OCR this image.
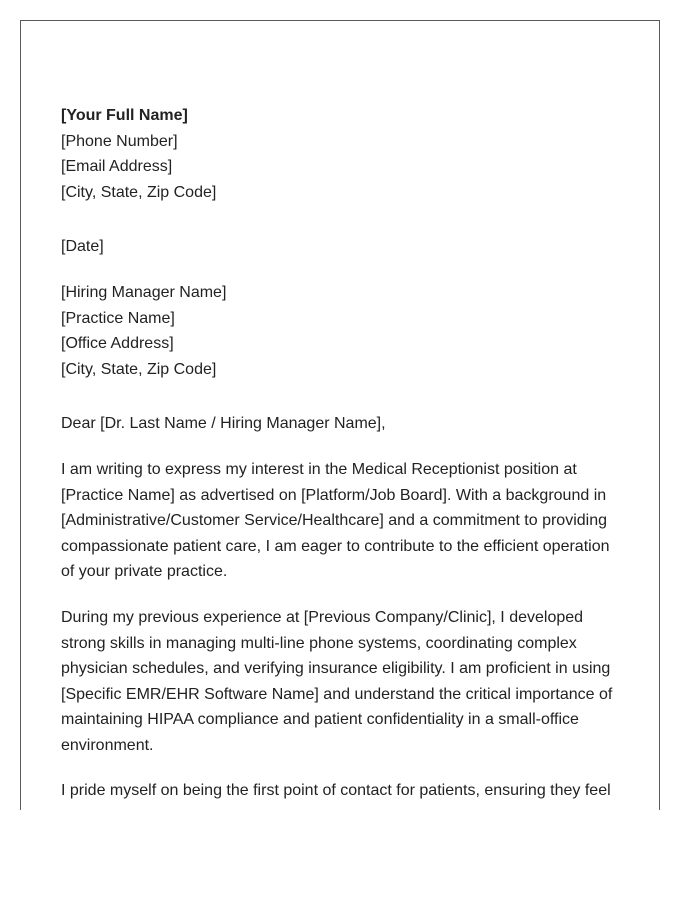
[Your Full Name]
[Phone Number]
[Email Address]
[City, State, Zip Code]
[Date]
[Hiring Manager Name]
[Practice Name]
[Office Address]
[City, State, Zip Code]
Dear [Dr. Last Name / Hiring Manager Name],

I am writing to express my interest in the Medical Receptionist position at
[Practice Name] as advertised on [Platform/Job Board]. With a background in
[Administrative/Customer Service/Healthcare] and a commitment to providing
compassionate patient care, I am eager to contribute to the efficient operation
of your private practice.

During my previous experience at [Previous Company/Clinic], I developed
strong skills in managing multi-line phone systems, coordinating complex
physician schedules, and verifying insurance eligibility. I am proficient in using
[Specific EMR/EHR Software Name] and understand the critical importance of
maintaining HIPAA compliance and patient confidentiality in a small-office
environment.

I pride myself on being the first point of contact for patients, ensuring they feel
